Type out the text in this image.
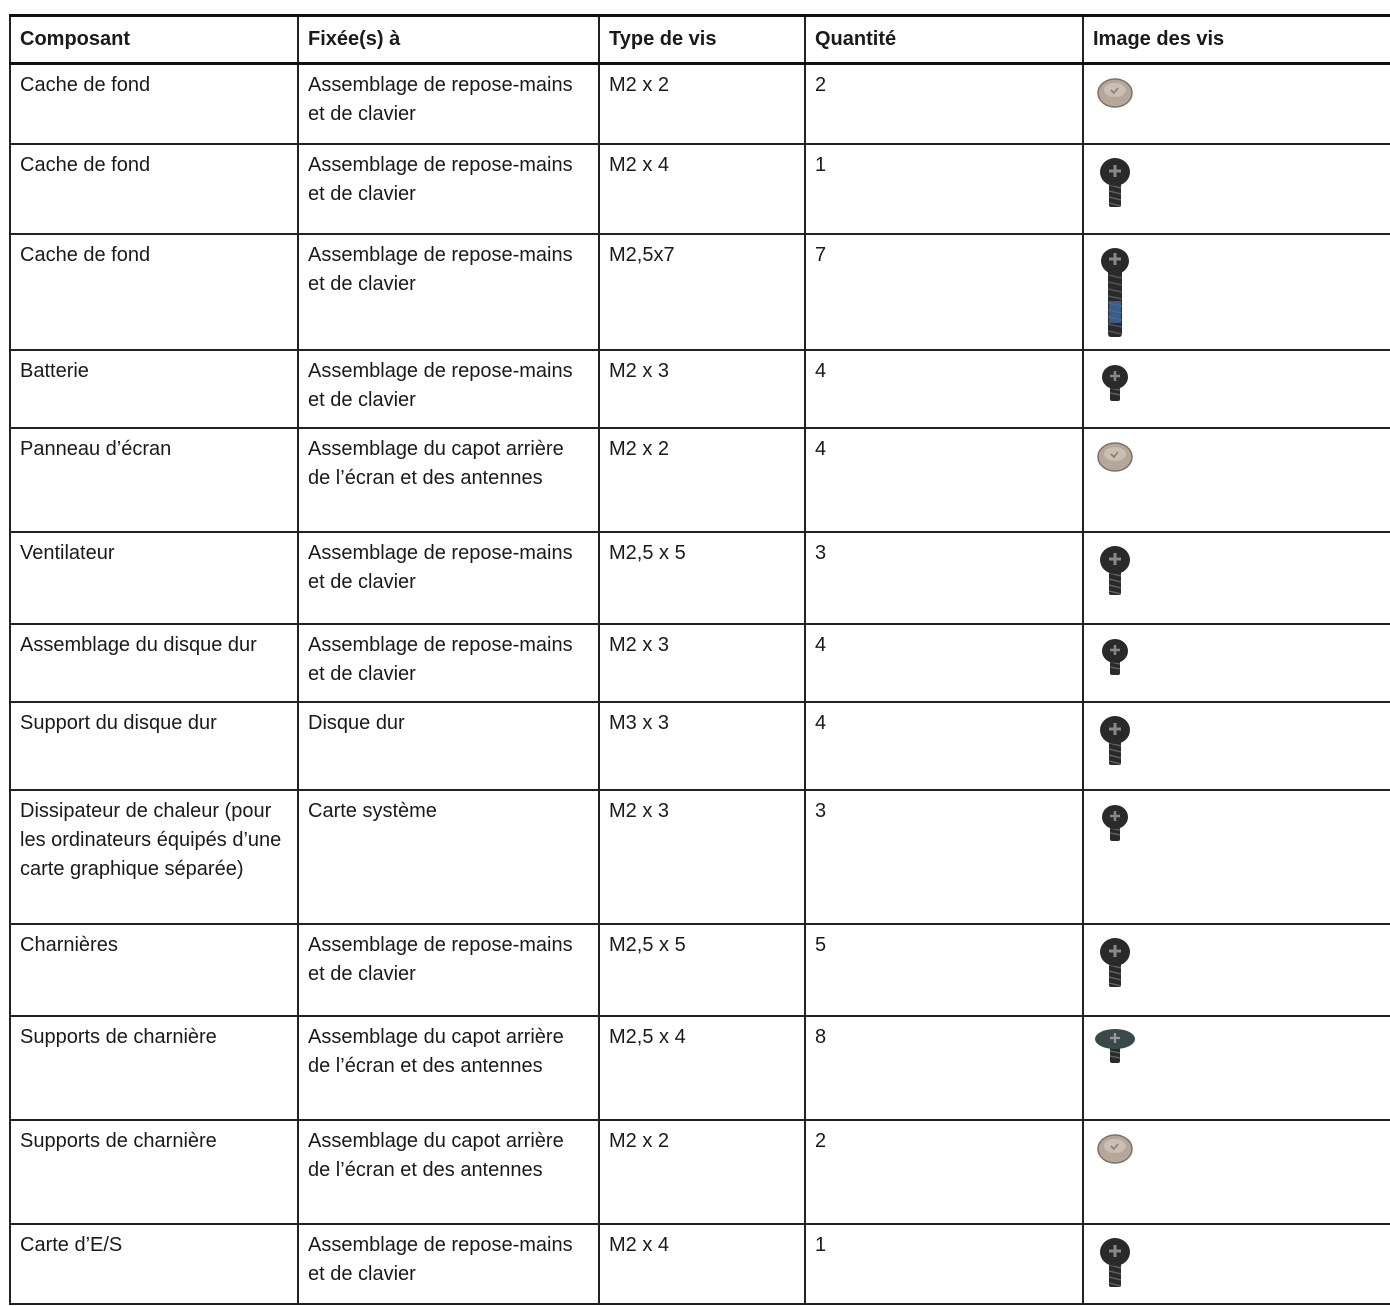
Composant	Fixée(s) à	Type de vis	Quantité	Image des vis
Cache de fond	Assemblage de repose-mains et de clavier	M2 x 2	2	

Cache de fond	Assemblage de repose-mains et de clavier	M2 x 4	1	

Cache de fond	Assemblage de repose-mains et de clavier	M2,5x7	7	

Batterie	Assemblage de repose-mains et de clavier	M2 x 3	4	

Panneau d’écran	Assemblage du capot arrière de l’écran et des antennes	M2 x 2	4	

Ventilateur	Assemblage de repose-mains et de clavier	M2,5 x 5	3	

Assemblage du disque dur	Assemblage de repose-mains et de clavier	M2 x 3	4	

Support du disque dur	Disque dur	M3 x 3	4	

Dissipateur de chaleur (pour les ordinateurs équipés d’une carte graphique séparée)	Carte système	M2 x 3	3	

Charnières	Assemblage de repose-mains et de clavier	M2,5 x 5	5	

Supports de charnière	Assemblage du capot arrière de l’écran et des antennes	M2,5 x 4	8	

Supports de charnière	Assemblage du capot arrière de l’écran et des antennes	M2 x 2	2	

Carte d’E/S	Assemblage de repose-mains et de clavier	M2 x 4	1	
